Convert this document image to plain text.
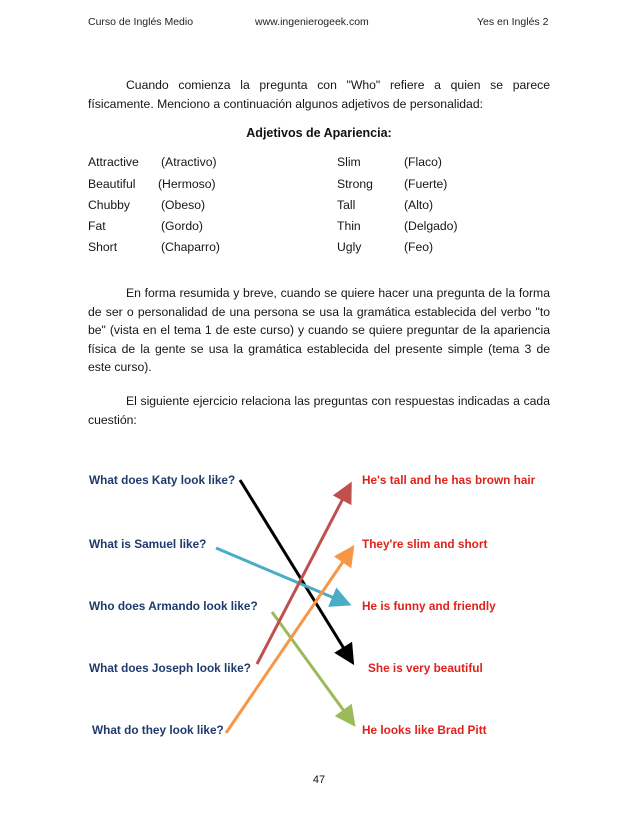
Curso de Inglés Medio	www.ingenierogeek.com	Yes en Inglés 2
Cuando comienza la pregunta con "Who" refiere a quien se parece físicamente. Menciono a continuación algunos adjetivos de personalidad:
Adjetivos de Apariencia:
Attractive (Atractivo)
Beautiful (Hermoso)
Chubby	(Obeso)
Fat	(Gordo)
Short	(Chaparro)
Slim	(Flaco)
Strong	(Fuerte)
Tall	(Alto)
Thin	(Delgado)
Ugly	(Feo)
En forma resumida y breve, cuando se quiere hacer una pregunta de la forma de ser o personalidad de una persona se usa la gramática establecida del verbo "to be" (vista en el tema 1 de este curso) y cuando se quiere preguntar de la apariencia física de la gente se usa la gramática establecida del presente simple (tema 3 de este curso).
El siguiente ejercicio relaciona las preguntas con respuestas indicadas a cada cuestión:
What does Katy look like?
What is Samuel like?
Who does Armando look like?
What does Joseph look like?
What do they look like?
He's tall and he has brown hair
They're slim and short
He is funny and friendly
She is very beautiful
He looks like Brad Pitt
47
